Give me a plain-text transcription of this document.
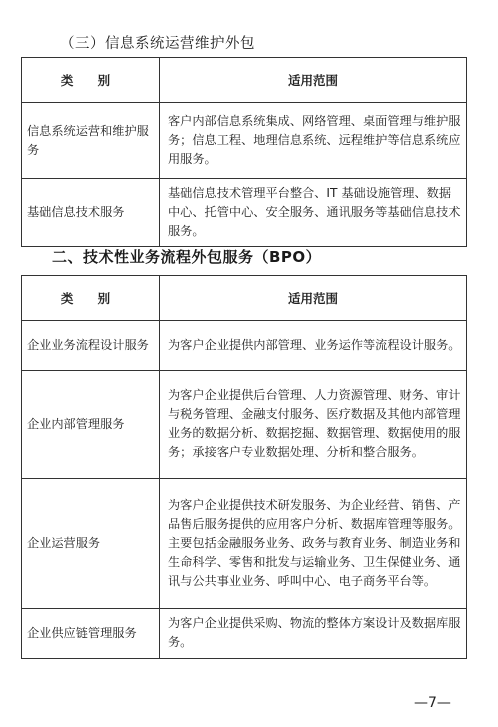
（三）信息系统运营维护外包
类 别	适用范围
信息系统运营和维护服务	客户内部信息系统集成、网络管理、桌面管理与维护服务；信息工程、地理信息系统、远程维护等信息系统应用服务。
基础信息技术服务	基础信息技术管理平台整合、IT 基础设施管理、数据中心、托管中心、安全服务、通讯服务等基础信息技术服务。
二、技术性业务流程外包服务（BPO）
类 别	适用范围
企业业务流程设计服务	为客户企业提供内部管理、业务运作等流程设计服务。
企业内部管理服务	为客户企业提供后台管理、人力资源管理、财务、审计与税务管理、金融支付服务、医疗数据及其他内部管理业务的数据分析、数据挖掘、数据管理、数据使用的服务；承接客户专业数据处理、分析和整合服务。
企业运营服务	为客户企业提供技术研发服务、为企业经营、销售、产品售后服务提供的应用客户分析、数据库管理等服务。主要包括金融服务业务、政务与教育业务、制造业务和生命科学、零售和批发与运输业务、卫生保健业务、通讯与公共事业业务、呼叫中心、电子商务平台等。
企业供应链管理服务	为客户企业提供采购、物流的整体方案设计及数据库服务。
—7—
